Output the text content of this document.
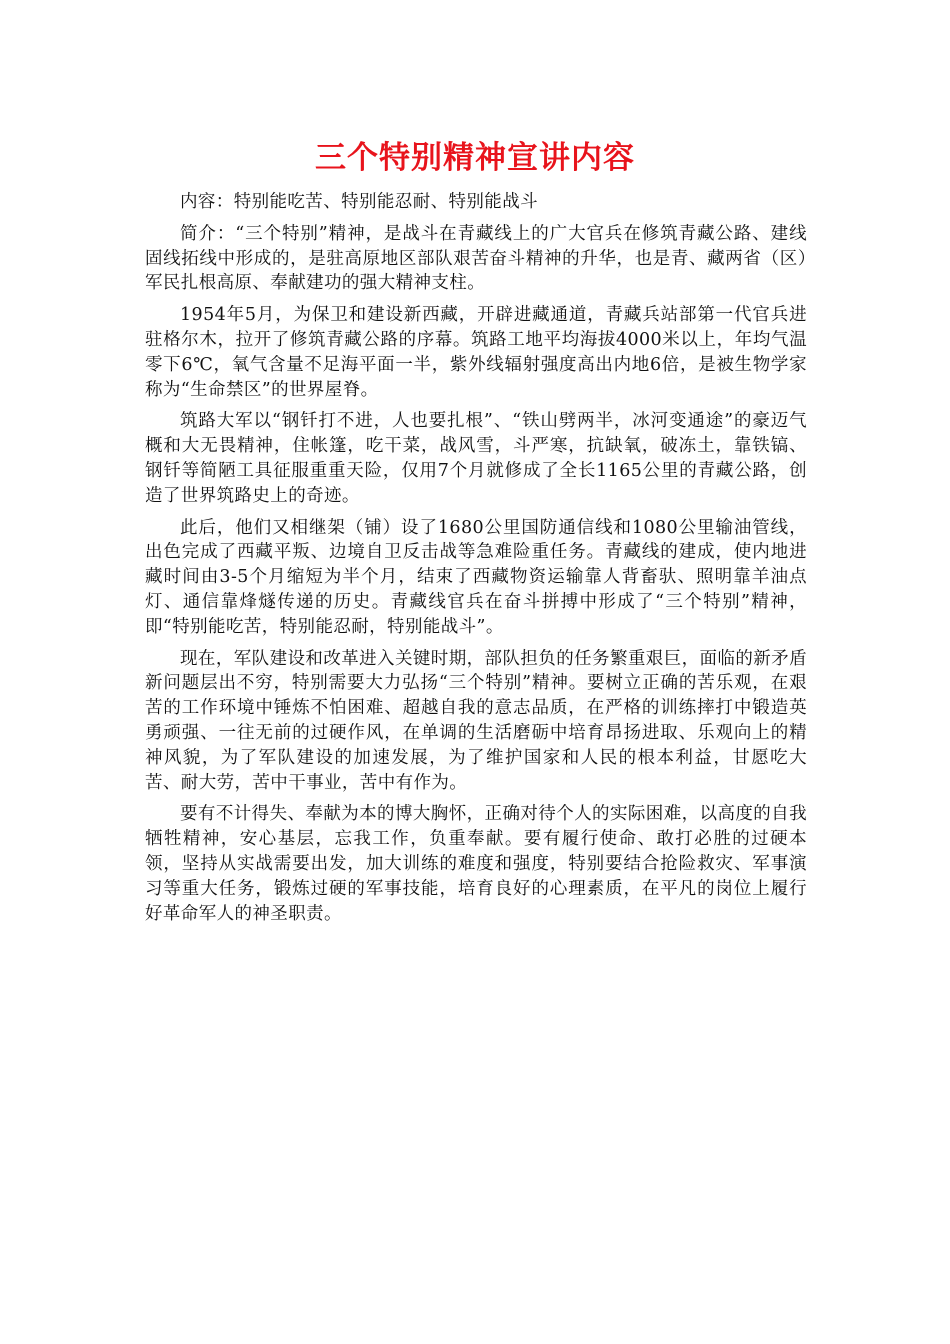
三个特别精神宣讲内容

内容：特别能吃苦、特别能忍耐、特别能战斗

简介：“三个特别”精神，是战斗在青藏线上的广大官兵在修筑青藏公路、建线固线拓线中形成的，是驻高原地区部队艰苦奋斗精神的升华，也是青、藏两省（区）军民扎根高原、奉献建功的强大精神支柱。

1954年5月，为保卫和建设新西藏，开辟进藏通道，青藏兵站部第一代官兵进驻格尔木，拉开了修筑青藏公路的序幕。筑路工地平均海拔4000米以上，年均气温零下6℃，氧气含量不足海平面一半，紫外线辐射强度高出内地6倍，是被生物学家称为“生命禁区”的世界屋脊。

筑路大军以“钢钎打不进，人也要扎根”、“铁山劈两半，冰河变通途”的豪迈气概和大无畏精神，住帐篷，吃干菜，战风雪，斗严寒，抗缺氧，破冻土，靠铁镐、钢钎等简陋工具征服重重天险，仅用7个月就修成了全长1165公里的青藏公路，创造了世界筑路史上的奇迹。

此后，他们又相继架（铺）设了1680公里国防通信线和1080公里输油管线，出色完成了西藏平叛、边境自卫反击战等急难险重任务。青藏线的建成，使内地进藏时间由3-5个月缩短为半个月，结束了西藏物资运输靠人背畜驮、照明靠羊油点灯、通信靠烽燧传递的历史。青藏线官兵在奋斗拼搏中形成了“三个特别”精神，即“特别能吃苦，特别能忍耐，特别能战斗”。

现在，军队建设和改革进入关键时期，部队担负的任务繁重艰巨，面临的新矛盾新问题层出不穷，特别需要大力弘扬“三个特别”精神。要树立正确的苦乐观，在艰苦的工作环境中锤炼不怕困难、超越自我的意志品质，在严格的训练摔打中锻造英勇顽强、一往无前的过硬作风，在单调的生活磨砺中培育昂扬进取、乐观向上的精神风貌，为了军队建设的加速发展，为了维护国家和人民的根本利益，甘愿吃大苦、耐大劳，苦中干事业，苦中有作为。

要有不计得失、奉献为本的博大胸怀，正确对待个人的实际困难，以高度的自我牺牲精神，安心基层，忘我工作，负重奉献。要有履行使命、敢打必胜的过硬本领，坚持从实战需要出发，加大训练的难度和强度，特别要结合抢险救灾、军事演习等重大任务，锻炼过硬的军事技能，培育良好的心理素质，在平凡的岗位上履行好革命军人的神圣职责。
